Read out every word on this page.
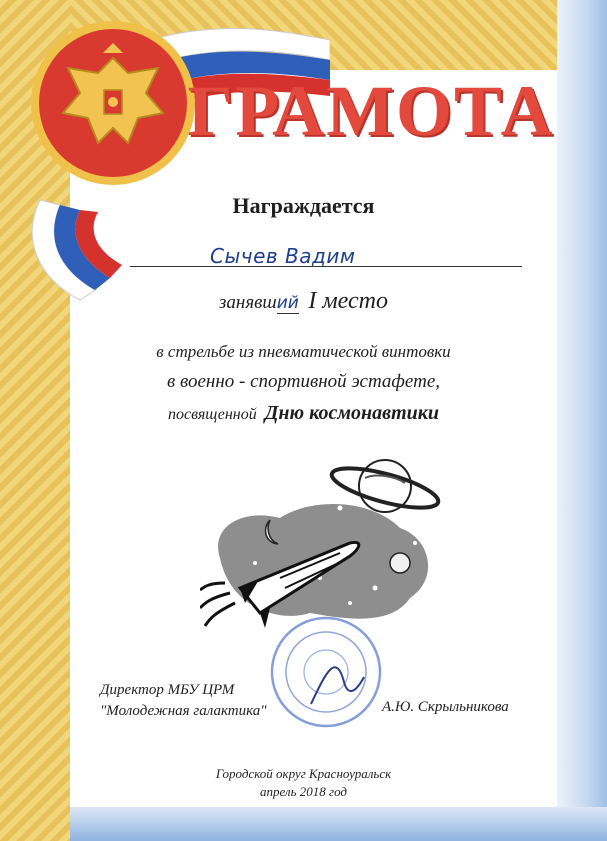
ГРАМОТА
Награждается
Сычев Вадим
занявший I место
в стрельбе из пневматической винтовки
в военно - спортивной эстафете,
посвященной Дню космонавтики
Директор МБУ ЦРМ
"Молодежная галактика"	А.Ю. Скрыльникова
Городской округ Красноуральск
апрель 2018 год
